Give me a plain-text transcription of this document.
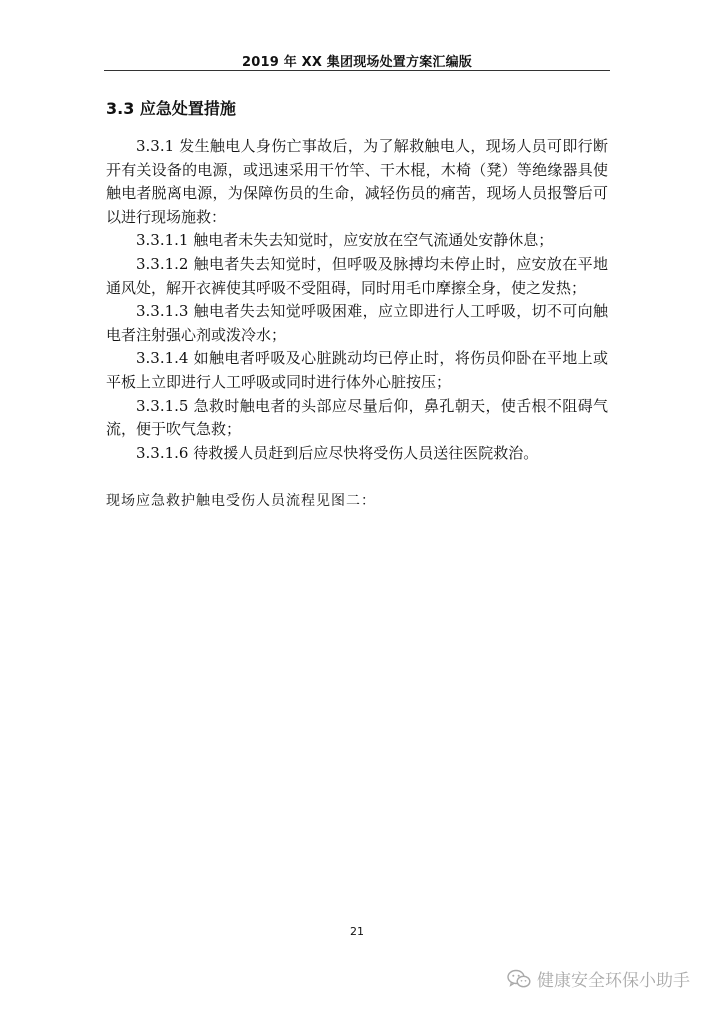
2019 年 XX 集团现场处置方案汇编版
3.3 应急处置措施

3.3.1 发生触电人身伤亡事故后，为了解救触电人，现场人员可即行断开有关设备的电源，或迅速采用干竹竿、干木棍，木椅（凳）等绝缘器具使触电者脱离电源，为保障伤员的生命，减轻伤员的痛苦，现场人员报警后可以进行现场施救：

3.3.1.1 触电者未失去知觉时，应安放在空气流通处安静休息；

3.3.1.2 触电者失去知觉时，但呼吸及脉搏均未停止时，应安放在平地通风处，解开衣裤使其呼吸不受阻碍，同时用毛巾摩擦全身，使之发热；

3.3.1.3 触电者失去知觉呼吸困难，应立即进行人工呼吸，切不可向触电者注射强心剂或泼冷水；

3.3.1.4 如触电者呼吸及心脏跳动均已停止时，将伤员仰卧在平地上或平板上立即进行人工呼吸或同时进行体外心脏按压；

3.3.1.5 急救时触电者的头部应尽量后仰，鼻孔朝天，使舌根不阻碍气流，便于吹气急救；

3.3.1.6 待救援人员赶到后应尽快将受伤人员送往医院救治。

现场应急救护触电受伤人员流程见图二：
21
健康安全环保小助手
